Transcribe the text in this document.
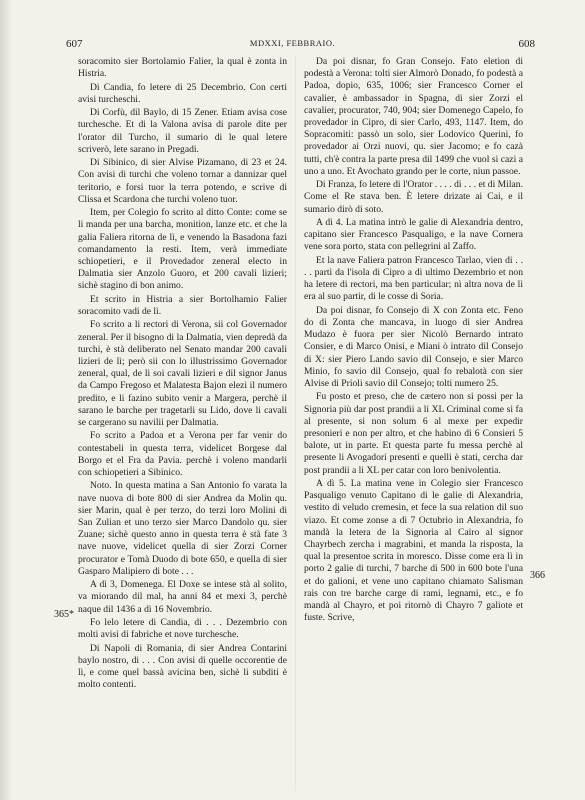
607	MDXXI, FEBBRAIO.	608

soracomito sier Bortolamio Falier, la qual è zonta in Histria.

Di Candia, fo letere di 25 Decembrio. Con certi avisi turcheschi.

Di Corfù, dil Baylo, di 15 Zener. Etiam avisa cose turchesche. Et di la Valona avisa di parole dite per l'orator dil Turcho, il sumario di le qual letere scriverò, lete sarano in Pregadi.

Di Sibinico, di sier Alvise Pizamano, di 23 et 24. Con avisi di turchi che voleno tornar a dannizar quel teritorio, e forsi tuor la terra potendo, e scrive di Clissa et Scardona che turchi voleno tuor.

Item, per Colegio fo scrito al ditto Conte: come se li manda per una barcha, monition, lanze etc. et che la galia Faliera ritorna de lì, e venendo la Basadona fazi comandamento la resti. Item, verà immediate schiopetieri, e il Provedador zeneral electo in Dalmatia sier Anzolo Guoro, et 200 cavali lizieri; sichè stagino di bon animo.

Et scrito in Histria a sier Bortolhamio Falier soracomito vadi de lì.

Fo scrito a li rectori di Verona, sii col Governador zeneral. Per il bisogno di la Dalmatia, vien depredà da turchi, è stà deliberato nel Senato mandar 200 cavali lizieri de lì; però sii con lo illustrissimo Governador zeneral, qual, de li soi cavali lizieri e dil signor Janus da Campo Fregoso et Malatesta Bajon elezi il numero predito, e li fazino subito venir a Margera, perchè il sarano le barche per tragetarli su Lido, dove li cavali se cargerano su navilii per Dalmatia.

Fo scrito a Padoa et a Verona per far venir do contestabeli in questa terra, videlicet Borgese dal Borgo et el Fra da Pavia. perchè i voleno mandarli con schiopetieri a Sibinico.

Noto. In questa matina a San Antonio fo varata la nave nuova di bote 800 di sier Andrea da Molin qu. sier Marin, qual è per terzo, do terzi loro Molini di San Zulian et uno terzo sier Marco Dandolo qu. sier Zuane; sichè questo anno in questa terra è stà fate 3 nave nuove, videlicet quella di sier Zorzi Corner procurator e Tomà Duodo di bote 650, e quella di sier Gasparo Malipiero di bote . . .

A dì 3, Domenega. El Doxe se intese stà al solito, va miorando dil mal, ha anni 84 et mexi 3, perchè naque dil 1436 a dì 16 Novembrio.

Fo lelo letere di Candia, di . . . Dezembrio con molti avisi di fabriche et nove turchesche.

Di Napoli di Romania, di sier Andrea Contarini baylo nostro, di . . . Con avisi di quelle occorentie de lì, e come quel bassà avicina ben, sichè li subditi è molto contenti.

Da poi disnar, fo Gran Consejo. Fato eletion di podestà a Verona: tolti sier Almorò Donado, fo podestà a Padoa, dopio, 635, 1006; sier Francesco Corner el cavalier, è ambassador in Spagna, di sier Zorzi el cavalier, procurator, 740, 904; sier Domenego Capelo, fo provedador in Cipro, di sier Carlo, 493, 1147. Item, do Sopracomiti: passò un solo, sier Lodovico Querini, fo provedador ai Orzi nuovi, qu. sier Jacomo; e fo cazà tutti, ch'è contra la parte presa dil 1499 che vuol si cazi a uno a uno. Et Avochato grando per le corte, niun passoe.

Di Franza, fo letere di l'Orator . . . . di . . . et di Milan. Come el Re stava ben. È letere drizate ai Cai, e il sumario dirò di soto.

A dì 4. La matina intrò le galie di Alexandria dentro, capitano sier Francesco Pasqualigo, e la nave Cornera vene sora porto, stata con pellegrini al Zaffo.

Et la nave Faliera patron Francesco Tarlao, vien di . . . . partì da l'isola di Cipro a dì ultimo Dezembrio et non ha letere di rectori, ma ben particular; nì altra nova de lì era al suo partir, di le cosse di Soria.

Da poi disnar, fo Consejo di X con Zonta etc. Feno do di Zonta che mancava, in luogo di sier Andrea Mudazo è fuora per sier Nicolò Bernardo intrato Consier, e di Marco Onisi, e Miani ò intrato dil Consejo di X: sier Piero Lando savio dil Consejo, e sier Marco Minio, fo savio dil Consejo, qual fo rebalotà con sier Alvise di Prioli savio dil Consejo; tolti numero 25.

Fu posto et preso, che de cætero non si possi per la Signoria più dar post prandii a li XL Criminal come si fa al presente, si non solum 6 al mexe per expedir presonieri e non per altro, et che habino di 6 Consieri 5 balote, ut in parte. Et questa parte fu messa perchè al presente li Avogadori presenti e quelli è stati, cercha dar post prandii a li XL per catar con loro benivolentia.

A dì 5. La matina vene in Colegio sier Francesco Pasqualigo venuto Capitano di le galie di Alexandria, vestito di veludo cremesin, et fece la sua relation dil suo viazo. Et come zonse a dì 7 Octubrio in Alexandria, fo mandà la letera de la Signoria al Cairo al signor Chayrbech zercha i magrabini, et manda la risposta, la qual la presentoe scrita in moresco. Disse come era lì in porto 2 galie di turchi, 7 barche di 500 in 600 bote l'una et do galioni, et vene uno capitano chiamato Salisman rais con tre barche carge di rami, legnami, etc., e fo mandà al Chayro, et poi ritornò di Chayro 7 galiote et fuste. Scrive,

365*
366
